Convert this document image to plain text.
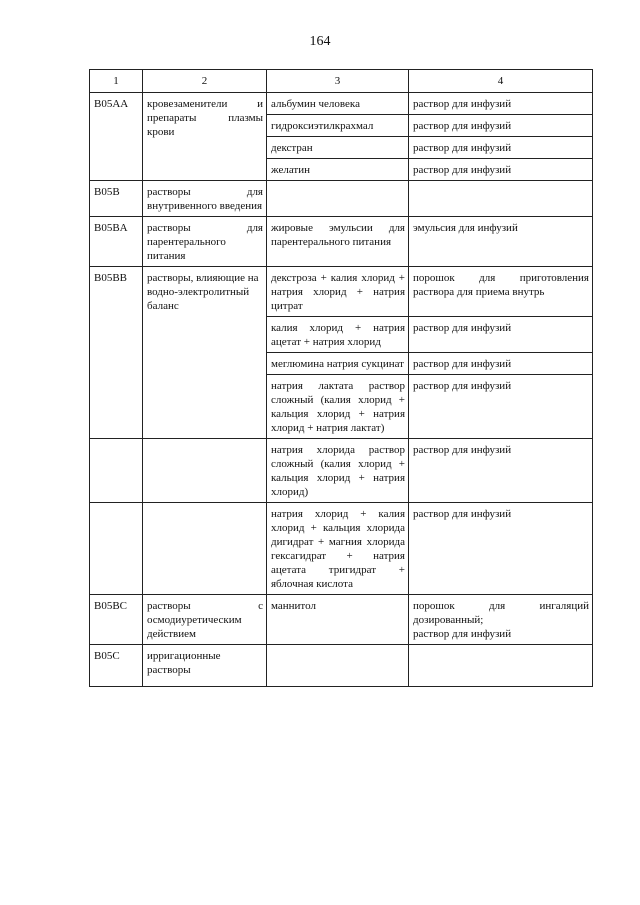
164
1	2	3	4
B05AA	кровезаменители и препараты плазмы крови	альбумин человека	раствор для инфузий
		гидроксиэтилкрахмал	раствор для инфузий
		декстран	раствор для инфузий
		желатин	раствор для инфузий
B05B	растворы для внутривенного введения		
B05BA	растворы для парентерального питания	жировые эмульсии для парентерального питания	эмульсия для инфузий
B05BB	растворы, влияющие на водно-электролитный баланс	декстроза + калия хлорид + натрия хлорид + натрия цитрат	порошок для приготовления раствора для приема внутрь
		калия хлорид + натрия ацетат + натрия хлорид	раствор для инфузий
		меглюмина натрия сукцинат	раствор для инфузий
		натрия лактата раствор сложный (калия хлорид + кальция хлорид + натрия хлорид + натрия лактат)	раствор для инфузий
		натрия хлорида раствор сложный (калия хлорид + кальция хлорид + натрия хлорид)	раствор для инфузий
		натрия хлорид + калия хлорид + кальция хлорида дигидрат + магния хлорида гексагидрат + натрия ацетата тригидрат + яблочная кислота	раствор для инфузий
B05BC	растворы с осмодиуретическим действием	маннитол	порошок для ингаляций дозированный;
раствор для инфузий
B05C	ирригационные растворы		
